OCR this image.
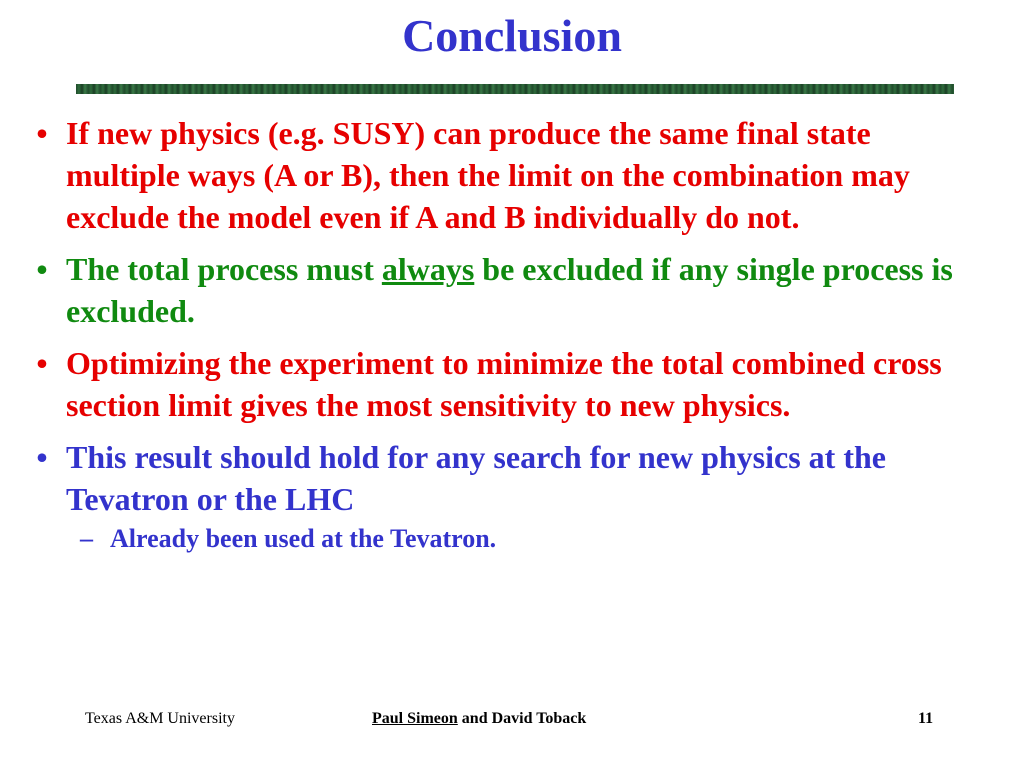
Conclusion
• If new physics (e.g. SUSY) can produce the same final state multiple ways (A or B), then the limit on the combination may exclude the model even if A and B individually do not.
• The total process must always be excluded if any single process is excluded.
• Optimizing the experiment to minimize the total combined cross section limit gives the most sensitivity to new physics.
• This result should hold for any search for new physics at the Tevatron or the LHC
– Already been used at the Tevatron.
Texas A&M University	Paul Simeon and David Toback	11
